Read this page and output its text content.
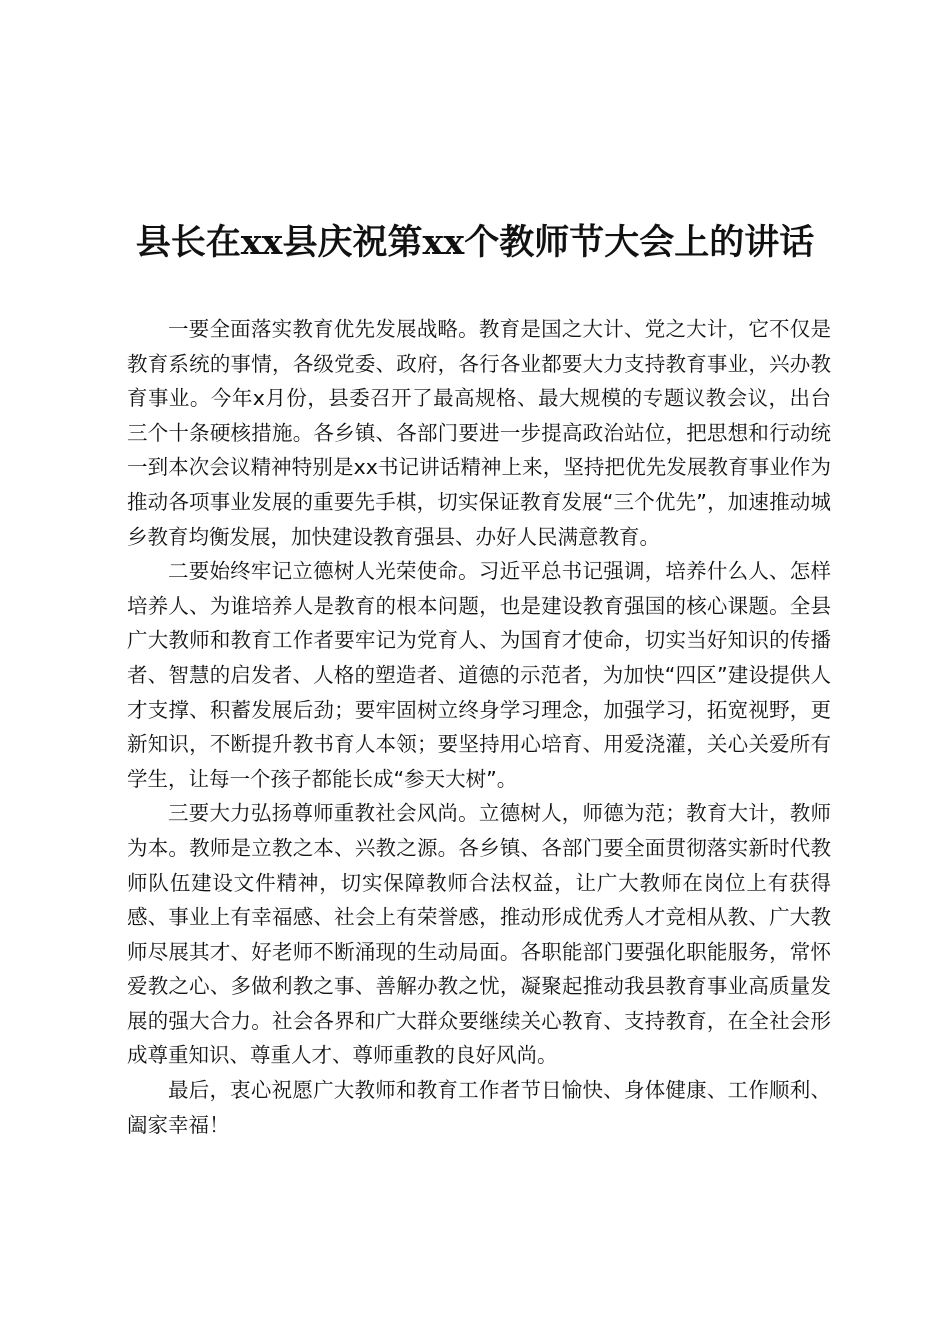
县长在xx县庆祝第xx个教师节大会上的讲话

一要全面落实教育优先发展战略。教育是国之大计、党之大计，它不仅是教育系统的事情，各级党委、政府，各行各业都要大力支持教育事业，兴办教育事业。今年x月份，县委召开了最高规格、最大规模的专题议教会议，出台三个十条硬核措施。各乡镇、各部门要进一步提高政治站位，把思想和行动统一到本次会议精神特别是xx书记讲话精神上来，坚持把优先发展教育事业作为推动各项事业发展的重要先手棋，切实保证教育发展“三个优先”，加速推动城乡教育均衡发展，加快建设教育强县、办好人民满意教育。

二要始终牢记立德树人光荣使命。习近平总书记强调，培养什么人、怎样培养人、为谁培养人是教育的根本问题，也是建设教育强国的核心课题。全县广大教师和教育工作者要牢记为党育人、为国育才使命，切实当好知识的传播者、智慧的启发者、人格的塑造者、道德的示范者，为加快“四区”建设提供人才支撑、积蓄发展后劲；要牢固树立终身学习理念，加强学习，拓宽视野，更新知识，不断提升教书育人本领；要坚持用心培育、用爱浇灌，关心关爱所有学生，让每一个孩子都能长成“参天大树”。

三要大力弘扬尊师重教社会风尚。立德树人，师德为范；教育大计，教师为本。教师是立教之本、兴教之源。各乡镇、各部门要全面贯彻落实新时代教师队伍建设文件精神，切实保障教师合法权益，让广大教师在岗位上有获得感、事业上有幸福感、社会上有荣誉感，推动形成优秀人才竞相从教、广大教师尽展其才、好老师不断涌现的生动局面。各职能部门要强化职能服务，常怀爱教之心、多做利教之事、善解办教之忧，凝聚起推动我县教育事业高质量发展的强大合力。社会各界和广大群众要继续关心教育、支持教育，在全社会形成尊重知识、尊重人才、尊师重教的良好风尚。

最后，衷心祝愿广大教师和教育工作者节日愉快、身体健康、工作顺利、阖家幸福！
